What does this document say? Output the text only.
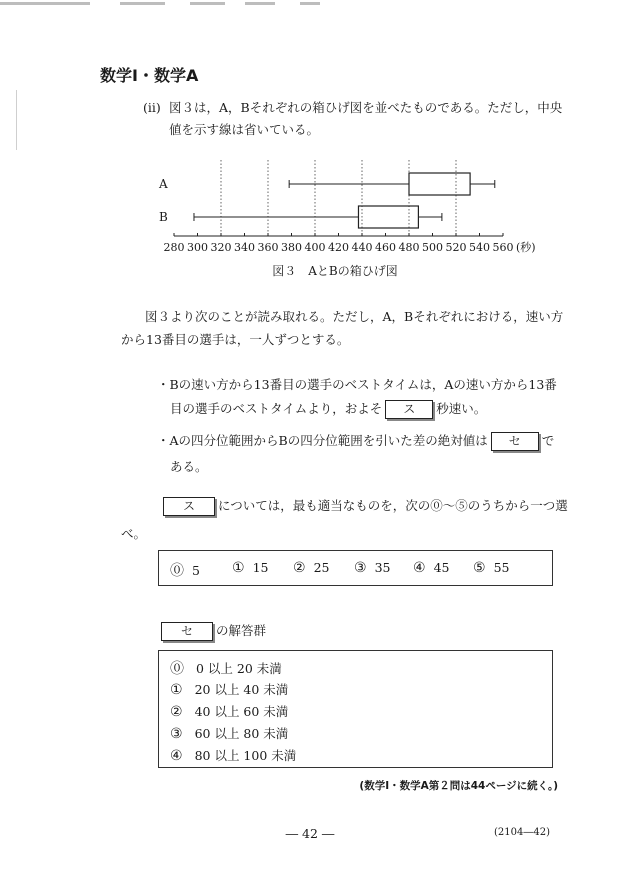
数学Ⅰ・数学A
(ii) 図３は，A，Bそれぞれの箱ひげ図を並べたものである。ただし，中央
値を示す線は省いている。
280 300 320 340 360 380 400 420 440 460 480 500 520 540 560 (秒)
A
B
図３　AとBの箱ひげ図
図３より次のことが読み取れる。ただし，A，Bそれぞれにおける，速い方
から13番目の選手は，一人ずつとする。
・Bの速い方から13番目の選手のベストタイムは，Aの速い方から13番
目の選手のベストタイムより，およそ ス 秒速い。
・Aの四分位範囲からBの四分位範囲を引いた差の絶対値は セ で
ある。
ス については，最も適当なものを，次の⓪～⑤のうちから一つ選
べ。
⓪ 5 ① 15 ② 25 ③ 35 ④ 45 ⑤ 55
セ の解答群
⓪ 0 以上 20 未満
① 20 以上 40 未満
② 40 以上 60 未満
③ 60 以上 80 未満
④ 80 以上 100 未満
(数学Ⅰ・数学A第２問は44ページに続く。)
― 42 ―	(2104―42)
